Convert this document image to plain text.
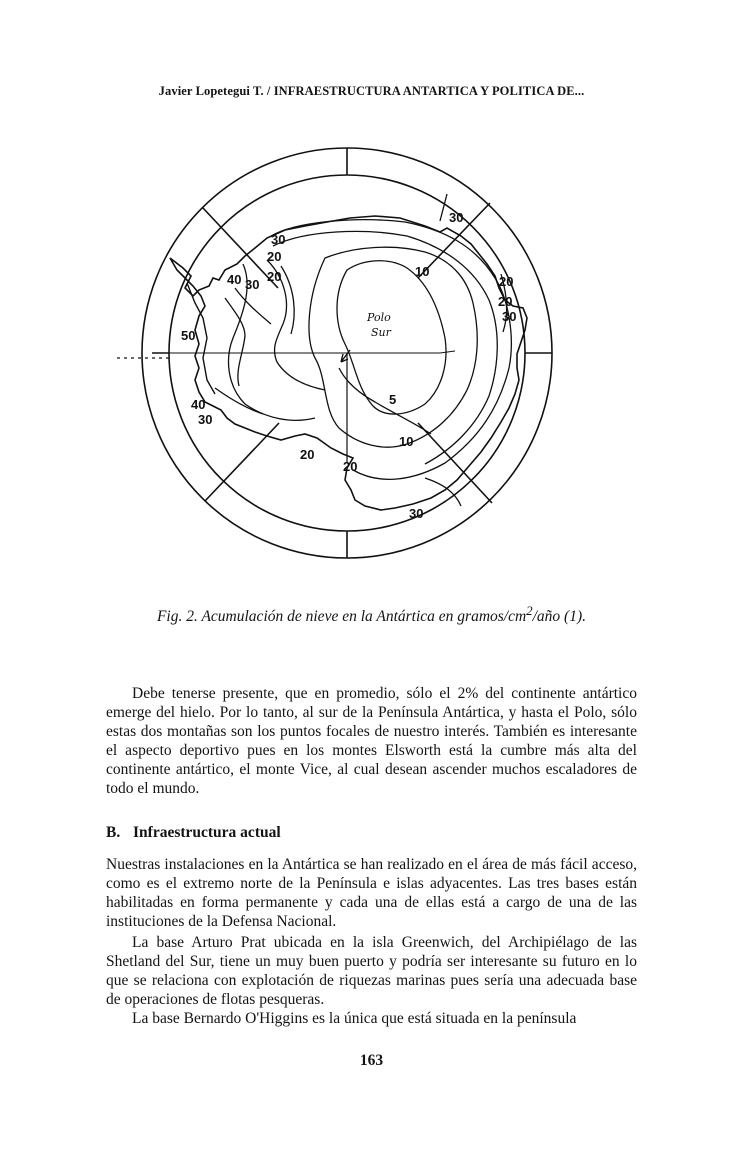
Javier Lopetegui T. / INFRAESTRUCTURA ANTARTICA Y POLITICA DE...
30
20
40 30
20	10
30
20
20
30
50
40
30
5
10
20
20
30
Polo
Sur
Fig. 2. Acumulación de nieve en la Antártica en gramos/$cm^2$/año (1).

Debe tenerse presente, que en promedio, sólo el 2% del continente antártico emerge del hielo. Por lo tanto, al sur de la Península Antártica, y hasta el Polo, sólo estas dos montañas son los puntos focales de nuestro interés. También es interesante el aspecto deportivo pues en los montes Elsworth está la cumbre más alta del continente antártico, el monte Vice, al cual desean ascender muchos escaladores de todo el mundo.

B. Infraestructura actual

Nuestras instalaciones en la Antártica se han realizado en el área de más fácil acceso, como es el extremo norte de la Península e islas adyacentes. Las tres bases están habilitadas en forma permanente y cada una de ellas está a cargo de una de las instituciones de la Defensa Nacional.

La base Arturo Prat ubicada en la isla Greenwich, del Archipiélago de las Shetland del Sur, tiene un muy buen puerto y podría ser interesante su futuro en lo que se relaciona con explotación de riquezas marinas pues sería una adecuada base de operaciones de flotas pesqueras.

163

La base Bernardo O'Higgins es la única que está situada en la península
